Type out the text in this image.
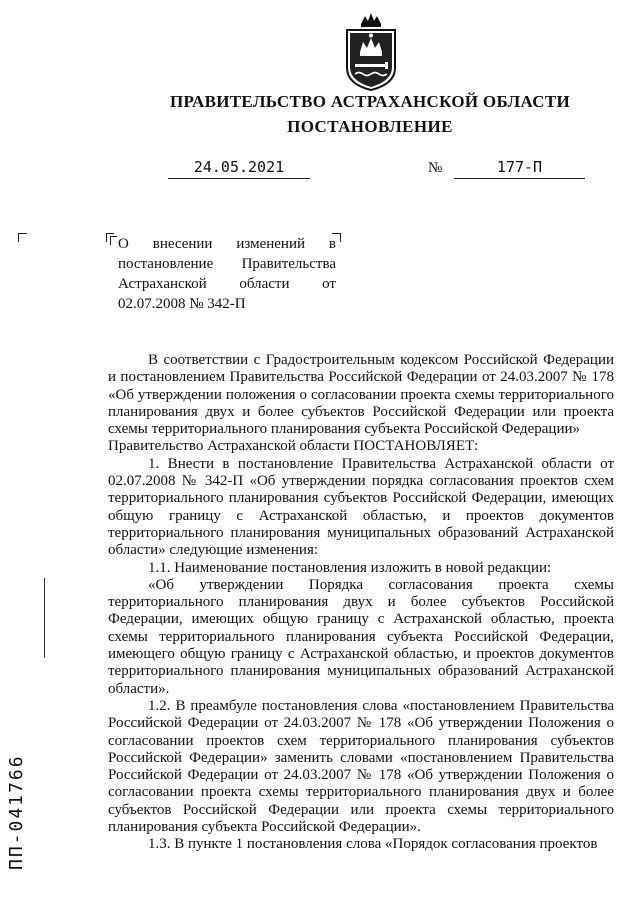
ПРАВИТЕЛЬСТВО АСТРАХАНСКОЙ ОБЛАСТИ
ПОСТАНОВЛЕНИЕ
24.05.2021	№	177-П
О внесении изменений в постановление Правительства Астраханской области от 02.07.2008 № 342-П
ПП-041766

В соответствии с Градостроительным кодексом Российской Федерации и постановлением Правительства Российской Федерации от 24.03.2007 № 178 «Об утверждении положения о согласовании проекта схемы территориального планирования двух и более субъектов Российской Федерации или проекта схемы территориального планирования субъекта Российской Федерации»

Правительство Астраханской области ПОСТАНОВЛЯЕТ:

1. Внести в постановление Правительства Астраханской области от 02.07.2008 № 342-П «Об утверждении порядка согласования проектов схем территориального планирования субъектов Российской Федерации, имеющих общую границу с Астраханской областью, и проектов документов территориального планирования муниципальных образований Астраханской области» следующие изменения:

1.1. Наименование постановления изложить в новой редакции:

«Об утверждении Порядка согласования проекта схемы территориального планирования двух и более субъектов Российской Федерации, имеющих общую границу с Астраханской областью, проекта схемы территориального планирования субъекта Российской Федерации, имеющего общую границу с Астраханской областью, и проектов документов территориального планирования муниципальных образований Астраханской области».

1.2. В преамбуле постановления слова «постановлением Правительства Российской Федерации от 24.03.2007 № 178 «Об утверждении Положения о согласовании проектов схем территориального планирования субъектов Российской Федерации» заменить словами «постановлением Правительства Российской Федерации от 24.03.2007 № 178 «Об утверждении Положения о согласовании проекта схемы территориального планирования двух и более субъектов Российской Федерации или проекта схемы территориального планирования субъекта Российской Федерации».

1.3. В пункте 1 постановления слова «Порядок согласования проектов
